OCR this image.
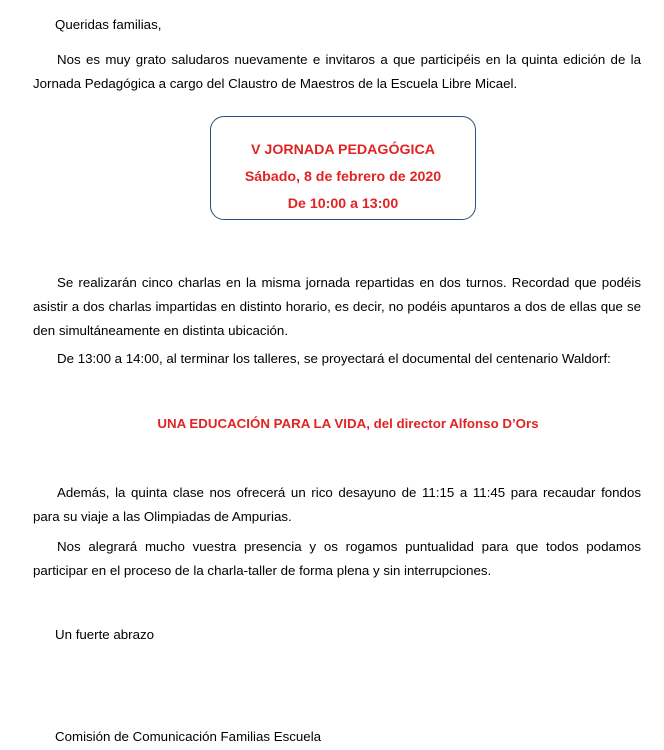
Queridas familias,

Nos es muy grato saludaros nuevamente e invitaros a que participéis en la quinta edición de la Jornada Pedagógica a cargo del Claustro de Maestros de la Escuela Libre Micael.

V JORNADA PEDAGÓGICA
Sábado, 8 de febrero de 2020
De 10:00 a 13:00

Se realizarán cinco charlas en la misma jornada repartidas en dos turnos. Recordad que podéis asistir a dos charlas impartidas en distinto horario, es decir, no podéis apuntaros a dos de ellas que se den simultáneamente en distinta ubicación.

De 13:00 a 14:00, al terminar los talleres, se proyectará el documental del centenario Waldorf:

UNA EDUCACIÓN PARA LA VIDA, del director Alfonso D’Ors

Además, la quinta clase nos ofrecerá un rico desayuno de 11:15 a 11:45 para recaudar fondos para su viaje a las Olimpiadas de Ampurias.

Nos alegrará mucho vuestra presencia y os rogamos puntualidad para que todos podamos participar en el proceso de la charla-taller de forma plena y sin interrupciones.

Un fuerte abrazo
Comisión de Comunicación Familias Escuela
